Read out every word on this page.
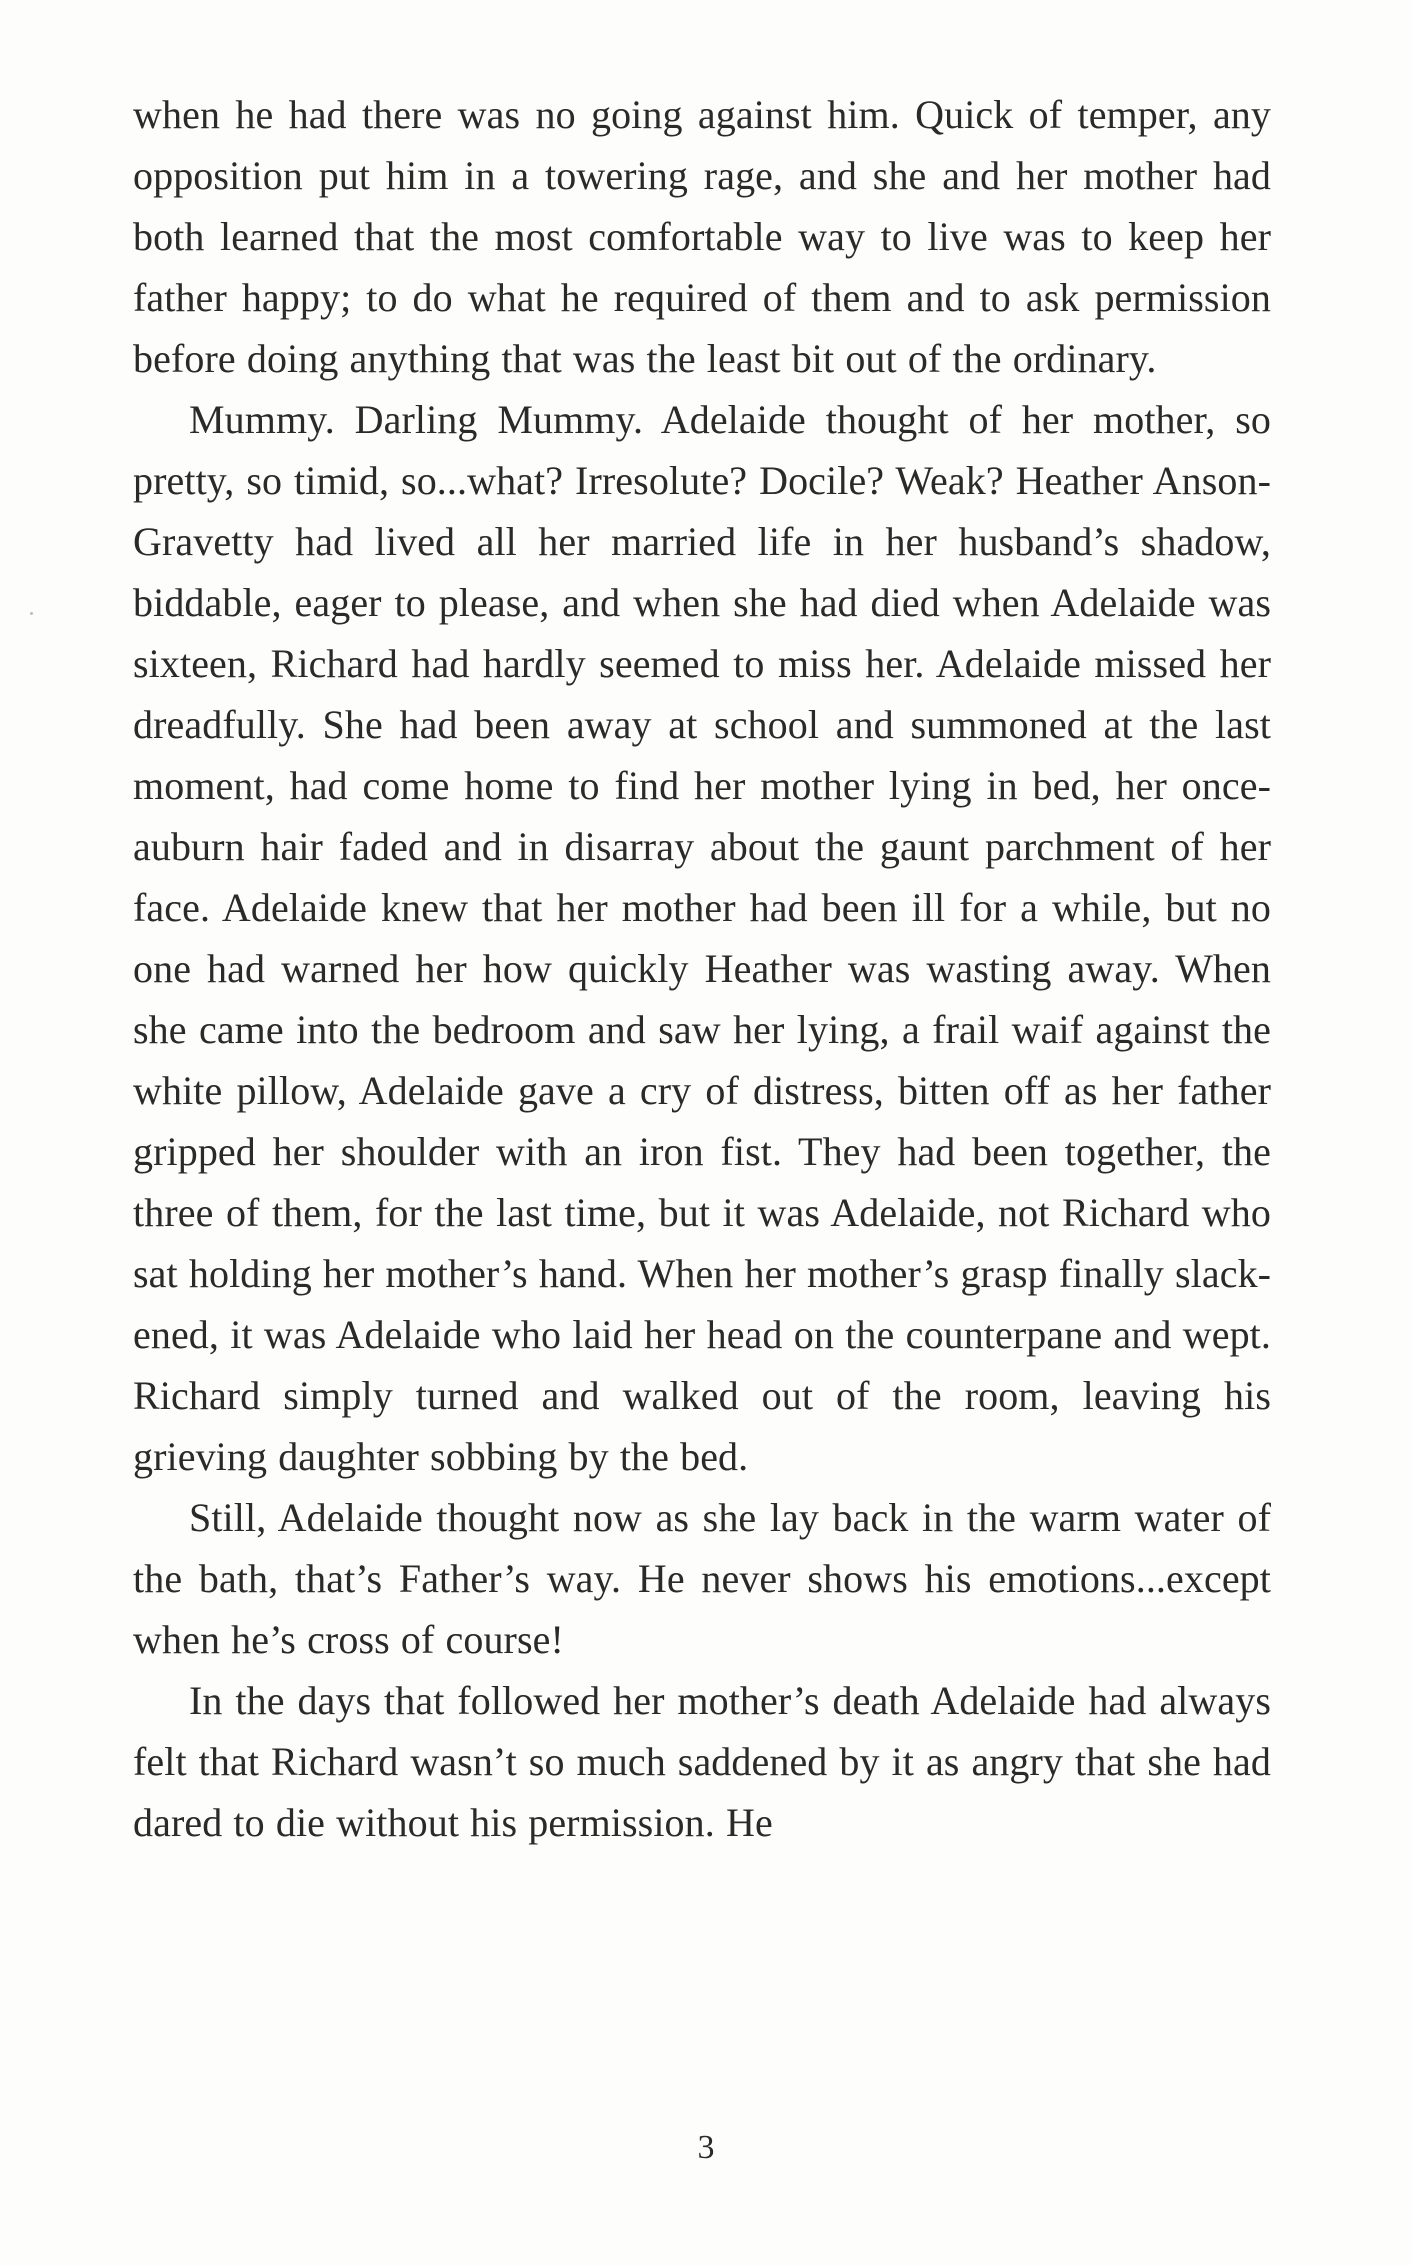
when he had there was no going against him. Quick of temper, any opposition put him in a towering rage, and she and her mother had both learned that the most comfortable way to live was to keep her father happy; to do what he required of them and to ask permission before doing anything that was the least bit out of the ordinary.

Mummy. Darling Mummy. Adelaide thought of her mother, so pretty, so timid, so...what? Irresolute? Docile? Weak? Heather Anson-Gravetty had lived all her married life in her husband’s shadow, biddable, eager to please, and when she had died when Adelaide was sixteen, Richard had hardly seemed to miss her. Adelaide missed her dreadfully. She had been away at school and summoned at the last moment, had come home to find her mother lying in bed, her once-auburn hair faded and in disarray about the gaunt parchment of her face. Adelaide knew that her mother had been ill for a while, but no one had warned her how quickly Heather was wasting away. When she came into the bedroom and saw her lying, a frail waif against the white pillow, Adelaide gave a cry of distress, bitten off as her father gripped her shoulder with an iron fist. They had been together, the three of them, for the last time, but it was Adelaide, not Richard who sat holding her mother’s hand. When her mother’s grasp finally slackened, it was Adelaide who laid her head on the counterpane and wept. Richard simply turned and walked out of the room, leaving his grieving daughter sobbing by the bed.

Still, Adelaide thought now as she lay back in the warm water of the bath, that’s Father’s way. He never shows his emotions...except when he’s cross of course!

In the days that followed her mother’s death Adelaide had always felt that Richard wasn’t so much saddened by it as angry that she had dared to die without his permission. He

3
